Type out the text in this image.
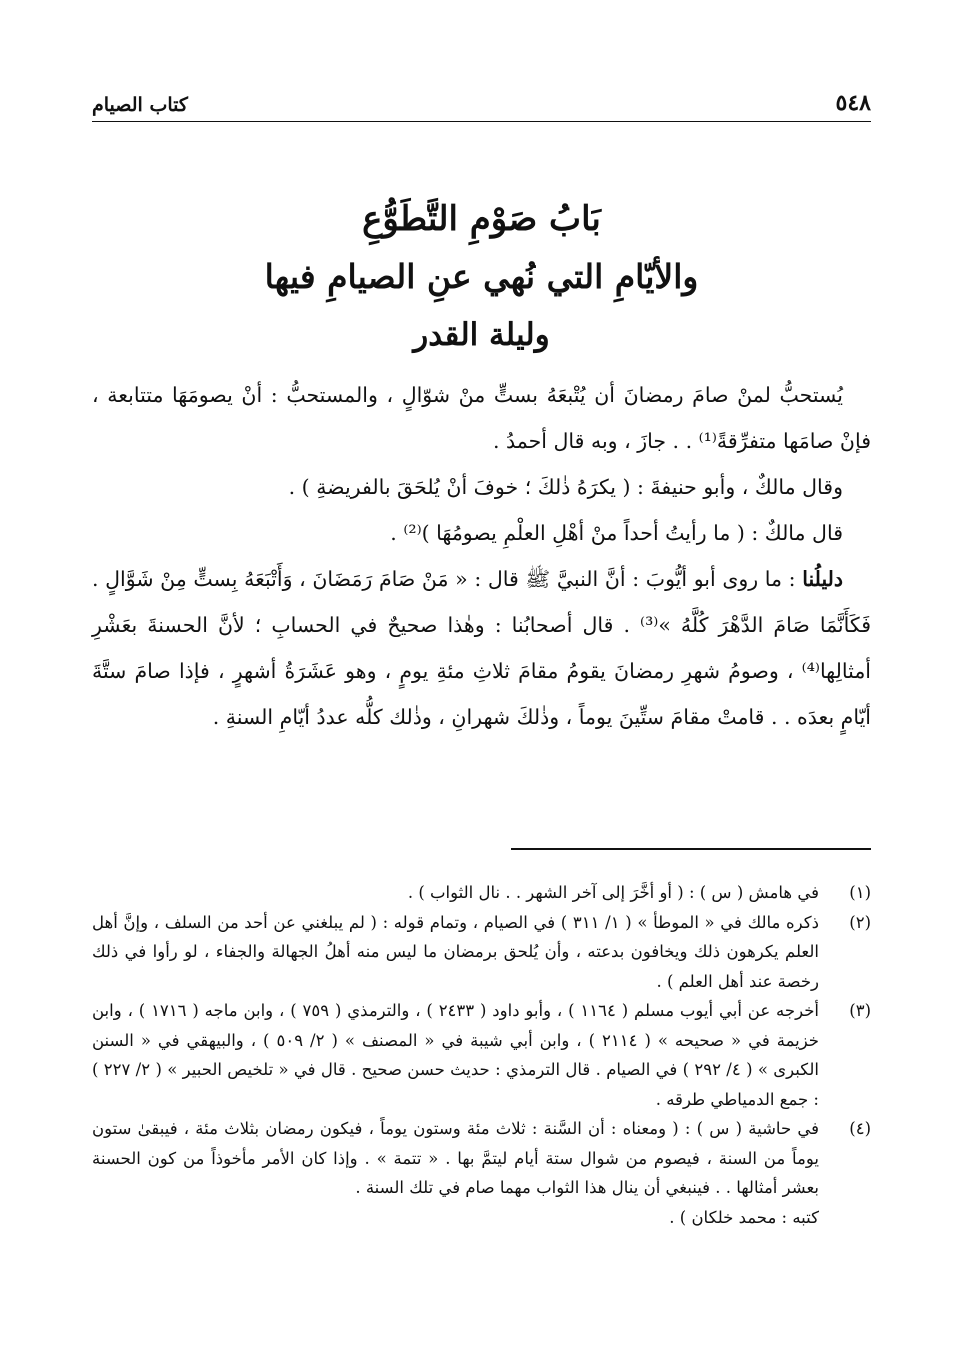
كتاب الصيام	٥٤٨
بَابُ صَوْمِ التَّطَوُّعِ
والأيّامِ التي نُهي عنِ الصيامِ فيها
وليلة القدر

يُستحبُّ لمنْ صامَ رمضانَ أن يُتْبعَهُ بستٍّ منْ شوّالٍ ، والمستحبُّ : أنْ يصومَهَا متتابعة ، فإنْ صامَها متفرِّقةً⁽¹⁾ . . جازَ ، وبه قال أحمدُ .

وقال مالكٌ ، وأبو حنيفةَ : ( يكرَهُ ذٰلكَ ؛ خوفَ أنْ يُلحَقَ بالفريضةِ ) .

قال مالكٌ : ( ما رأيتُ أحداً منْ أهْلِ العلْمِ يصومُهَا )⁽²⁾ .

دليلُنا : ما روى أبو أيُّوبَ : أنَّ النبيَّ ﷺ قال : « مَنْ صَامَ رَمَضَانَ ، وَأَتْبَعَهُ بِستٍّ مِنْ شَوَّالٍ . فَكَأَنَّمَا صَامَ الدَّهْرَ كُلَّهُ »⁽³⁾ . قال أصحابُنا : وهٰذا صحيحٌ في الحسابِ ؛ لأنَّ الحسنةَ بعَشْرِ أمثالِها⁽⁴⁾ ، وصومُ شهرِ رمضانَ يقومُ مقامَ ثلاثِ مئةِ يومٍ ، وهو عَشَرَةُ أشهرٍ ، فإذا صامَ ستَّةَ أيّامٍ بعدَه . . قامتْ مقامَ ستِّينَ يوماً ، وذٰلكَ شهرانِ ، وذٰلك كلُّه عددُ أيّامِ السنةِ .

(١)
في هامش ( س ) : ( أو أخَّرَ إلى آخر الشهر . . نال الثواب ) .
(٢)
ذكره مالك في « الموطأ » ( ١/ ٣١١ ) في الصيام ، وتمام قوله : ( لم يبلغني عن أحد من السلف ، وإنَّ أهل العلم يكرهون ذلك ويخافون بدعته ، وأن يُلحق برمضان ما ليس منه أهلُ الجهالة والجفاء ، لو رأوا في ذلك رخصة عند أهل العلم ) .
(٣)
أخرجه عن أبي أيوب مسلم ( ١١٦٤ ) ، وأبو داود ( ٢٤٣٣ ) ، والترمذي ( ٧٥٩ ) ، وابن ماجه ( ١٧١٦ ) ، وابن خزيمة في « صحيحه » ( ٢١١٤ ) ، وابن أبي شيبة في « المصنف » ( ٢/ ٥٠٩ ) ، والبيهقي في « السنن الكبرى » ( ٤/ ٢٩٢ ) في الصيام . قال الترمذي : حديث حسن صحيح . قال في « تلخيص الحبير » ( ٢/ ٢٢٧ ) : جمع الدمياطي طرقه .
(٤)
في حاشية ( س ) : ( ومعناه : أن السَّنة : ثلاث مئة وستون يوماً ، فيكون رمضان بثلاث مئة ، فيبقىٰ ستون يوماً من السنة ، فيصوم من شوال ستة أيام ليتمَّ بها . « تتمة » . وإذا كان الأمر مأخوذاً من كون الحسنة بعشر أمثالها . . فينبغي أن ينال هذا الثواب مهما صام في تلك السنة .
كتبه : محمد خلكان ) .
